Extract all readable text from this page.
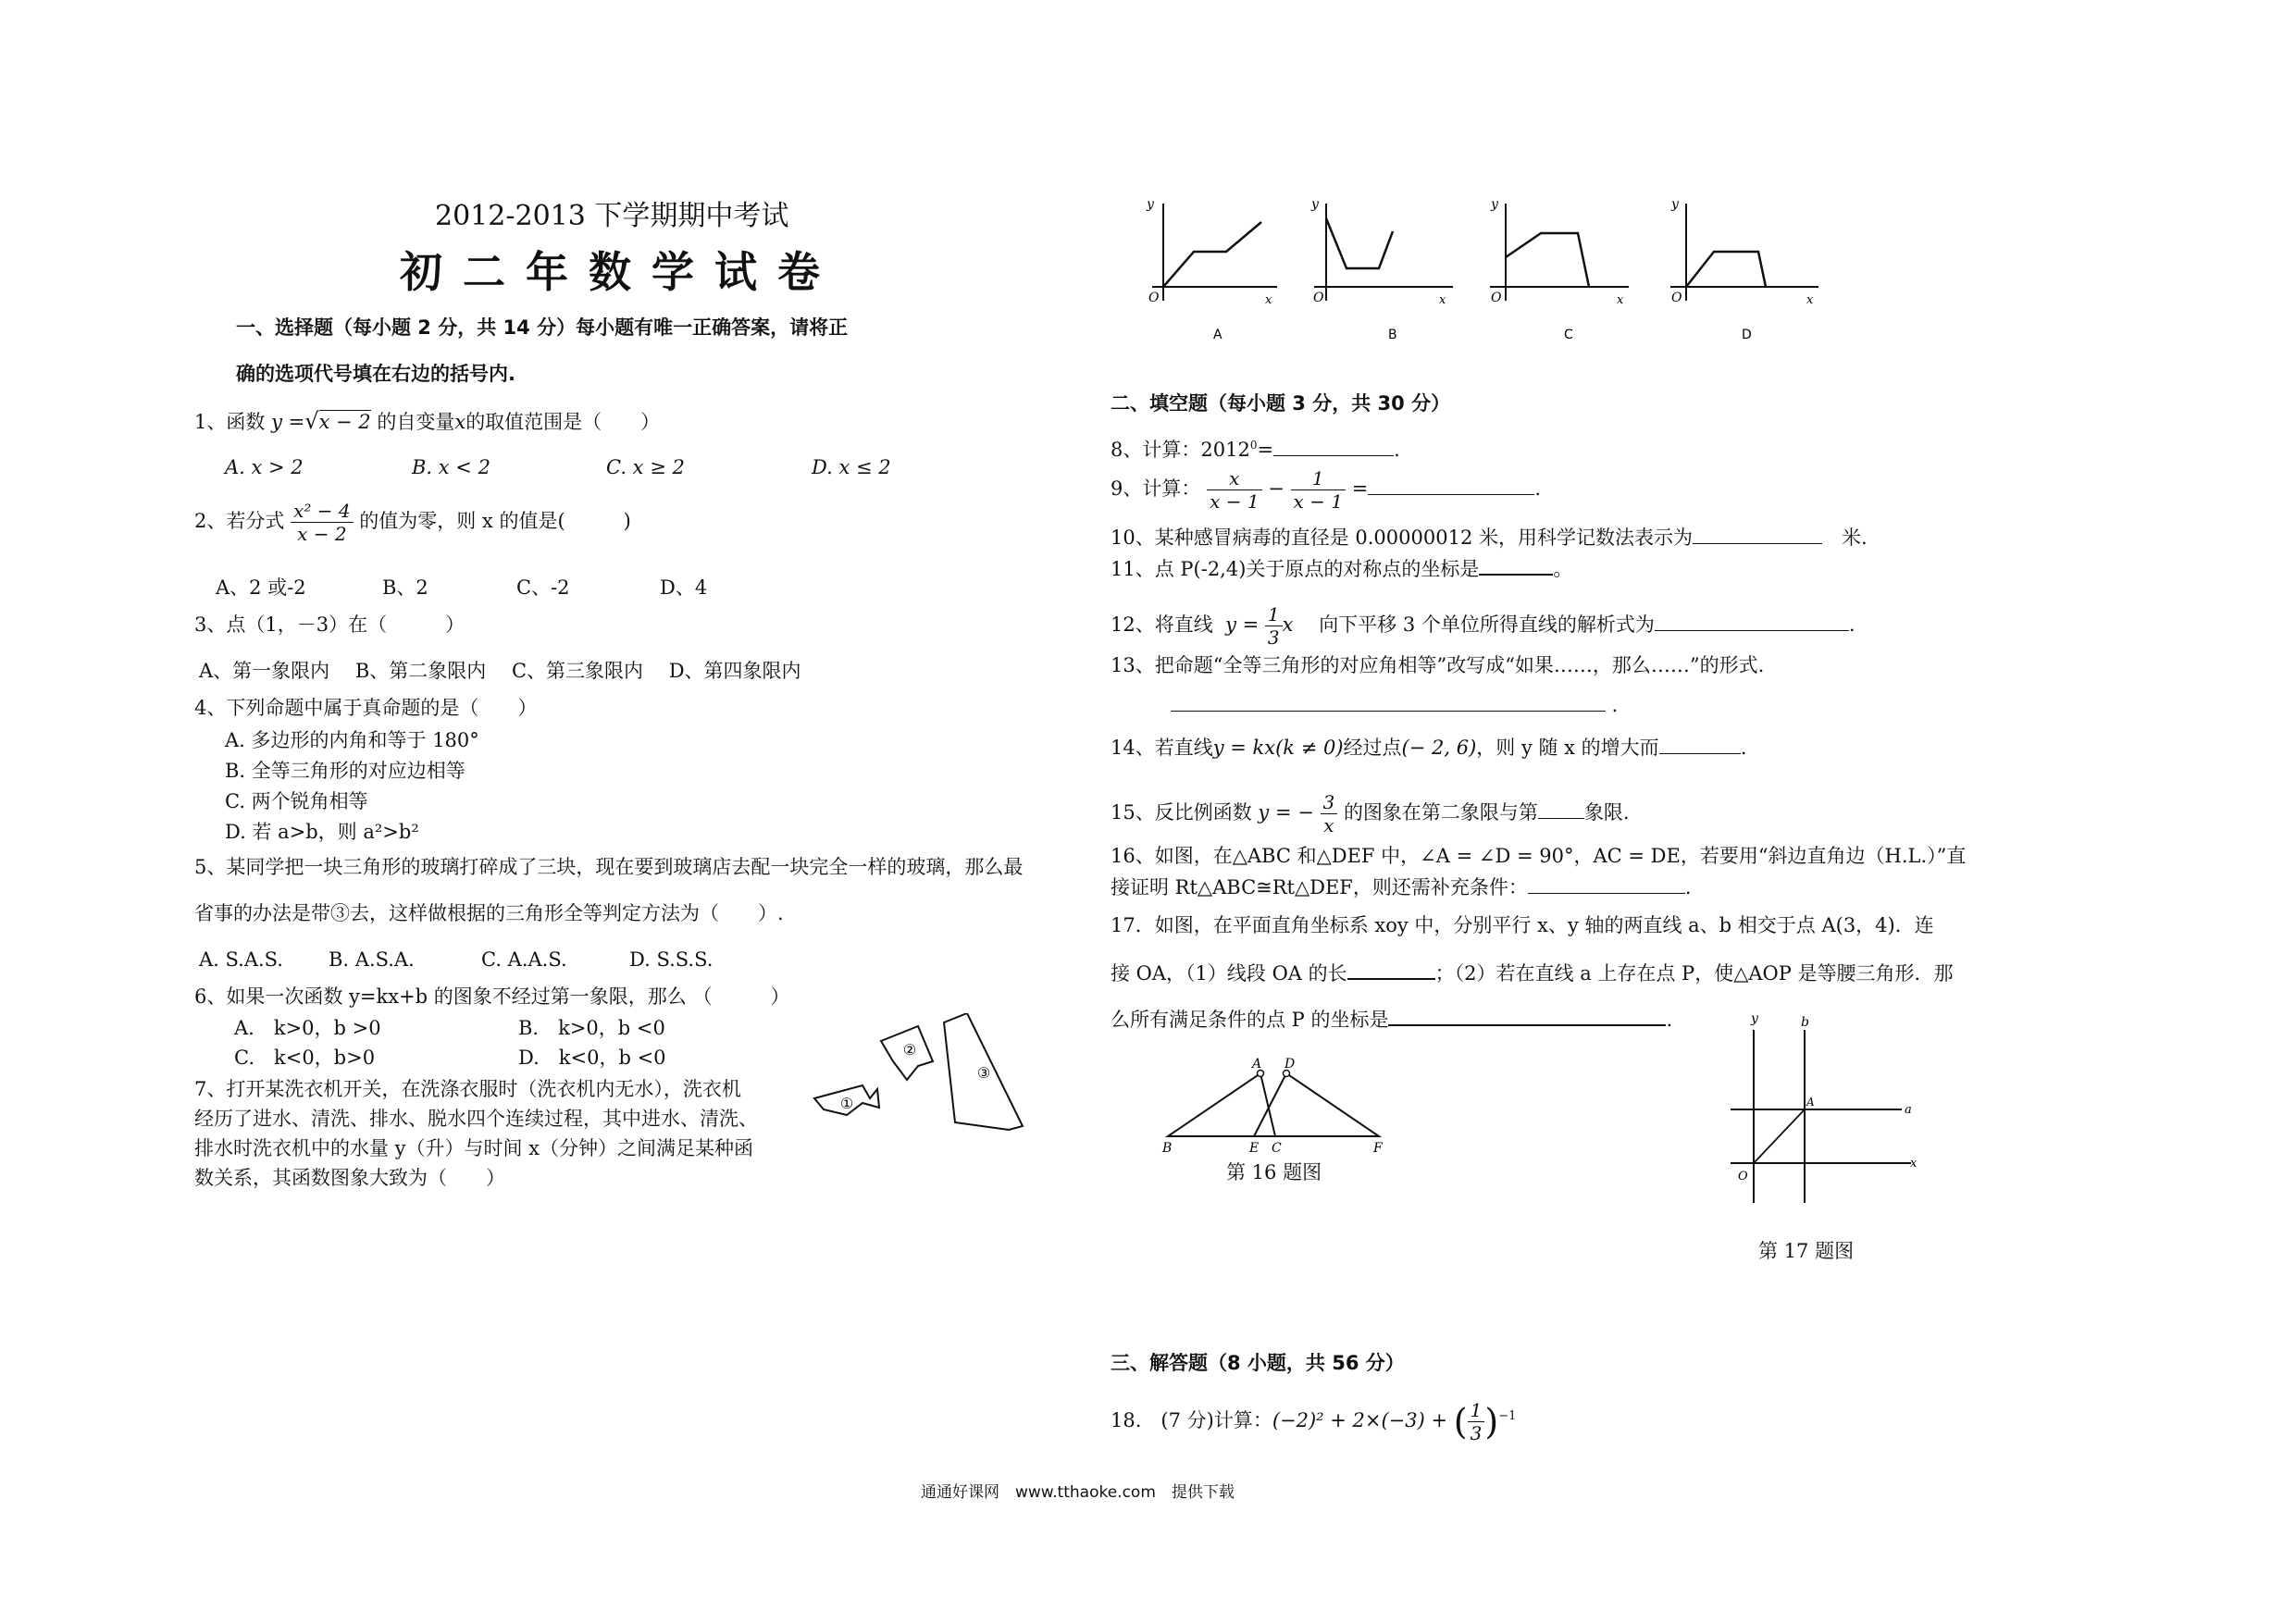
2012-2013 下学期期中考试
初二年数学试卷
一、选择题（每小题 2 分，共 14 分）每小题有唯一正确答案，请将正
确的选项代号填在右边的括号内.
1、函数 y =√x − 2 的自变量x的取值范围是（　　）
A. x > 2	B. x < 2	C. x ≥ 2	D. x ≤ 2
2、若分式 $\frac{\text{x² − 4}}{x - 2}$ 的值为零，则 x 的值是(　　　)
A、2 或-2	B、2	C、-2	D、4
3、点（1，－3）在（　　　）
A、第一象限内　 B、第二象限内　 C、第三象限内　 D、第四象限内
4、下列命题中属于真命题的是（　　）
A. 多边形的内角和等于 180°
B. 全等三角形的对应边相等
C. 两个锐角相等
D. 若 a>b，则 a²>b²
5、某同学把一块三角形的玻璃打碎成了三块，现在要到玻璃店去配一块完全一样的玻璃，那么最
省事的办法是带③去，这样做根据的三角形全等判定方法为（　　）.
A. S.A.S. B. A.S.A.	C. A.A.S.	D. S.S.S.
6、如果一次函数 y=kx+b 的图象不经过第一象限，那么 （　　　）
A.　k>0，b >0	B.　k>0，b <0
C.　k<0，b>0	D.　k<0，b <0
7、打开某洗衣机开关，在洗涤衣服时（洗衣机内无水），洗衣机
经历了进水、清洗、排水、脱水四个连续过程，其中进水、清洗、
排水时洗衣机中的水量 y（升）与时间 x（分钟）之间满足某种函
数关系，其函数图象大致为（　　）
①
②
③
y
O	x
A
y
O	x
B
y
O	x
C
y
O	x
D
二、填空题（每小题 3 分，共 30 分）
8、计算：$2012^0=$	.
9、计算： $\frac{x}{x - 1} - \frac{1}{x - 1}$ =	.
10、某种感冒病毒的直径是 0.00000012 米，用科学记数法表示为　	米.
11、点 P(-2,4)关于原点的对称点的坐标是	。
12、将直线 $y = \frac{1}{3}$ x　 向下平移 3 个单位所得直线的解析式为	.
13、把命题“全等三角形的对应角相等”改写成“如果……，那么……”的形式.
.
14、若直线y = kx(k ≠ 0)经过点(− 2, 6)，则 y 随 x 的增大而	.
15、反比例函数 y = − $\frac{3}{x}$ 的图象在第二象限与第 象限.
16、如图，在△ABC 和△DEF 中，∠A = ∠D = 90°，AC = DE，若要用“斜边直角边（H.L.）”直
接证明 Rt△ABC≅Rt△DEF，则还需补充条件：	.
17．如图，在平面直角坐标系 xoy 中，分别平行 x、y 轴的两直线 a、b 相交于点 A(3，4)．连
接 OA，（1）线段 OA 的长	；（2）若在直线 a 上存在点 P，使△AOP 是等腰三角形．那
么所有满足条件的点 P 的坐标是	.
A D
B	E C	F
第 16 题图
y	b
A
a
O
x
第 17 题图
三、解答题（8 小题，共 56 分）
18.　(7 分)计算：(−2)² + 2×(−3) + ( $\frac{1}{3} )^{-1}$
通通好课网　www.tthaoke.com　提供下载
